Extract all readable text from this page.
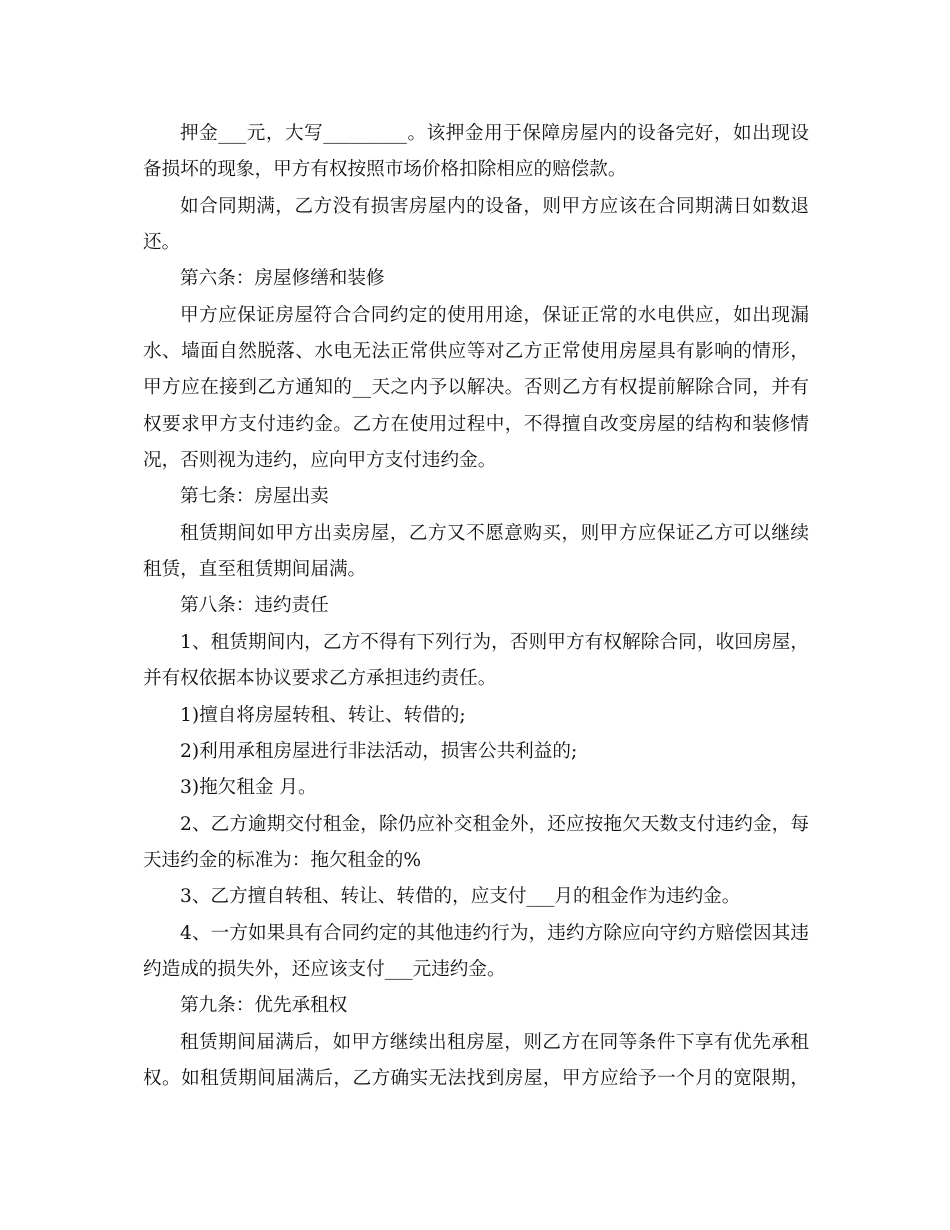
押金___元，大写_________。该押金用于保障房屋内的设备完好，如出现设
备损坏的现象，甲方有权按照市场价格扣除相应的赔偿款。
如合同期满，乙方没有损害房屋内的设备，则甲方应该在合同期满日如数退
还。
第六条：房屋修缮和装修
甲方应保证房屋符合合同约定的使用用途，保证正常的水电供应，如出现漏
水、墙面自然脱落、水电无法正常供应等对乙方正常使用房屋具有影响的情形，
甲方应在接到乙方通知的__天之内予以解决。否则乙方有权提前解除合同，并有
权要求甲方支付违约金。乙方在使用过程中，不得擅自改变房屋的结构和装修情
况，否则视为违约，应向甲方支付违约金。
第七条：房屋出卖
租赁期间如甲方出卖房屋，乙方又不愿意购买，则甲方应保证乙方可以继续
租赁，直至租赁期间届满。
第八条：违约责任
1、租赁期间内，乙方不得有下列行为，否则甲方有权解除合同，收回房屋，
并有权依据本协议要求乙方承担违约责任。
1)擅自将房屋转租、转让、转借的;
2)利用承租房屋进行非法活动，损害公共利益的;
3)拖欠租金 月。
2、乙方逾期交付租金，除仍应补交租金外，还应按拖欠天数支付违约金，每
天违约金的标准为：拖欠租金的%
3、乙方擅自转租、转让、转借的，应支付___月的租金作为违约金。
4、一方如果具有合同约定的其他违约行为，违约方除应向守约方赔偿因其违
约造成的损失外，还应该支付___元违约金。
第九条：优先承租权
租赁期间届满后，如甲方继续出租房屋，则乙方在同等条件下享有优先承租
权。如租赁期间届满后，乙方确实无法找到房屋，甲方应给予一个月的宽限期，
